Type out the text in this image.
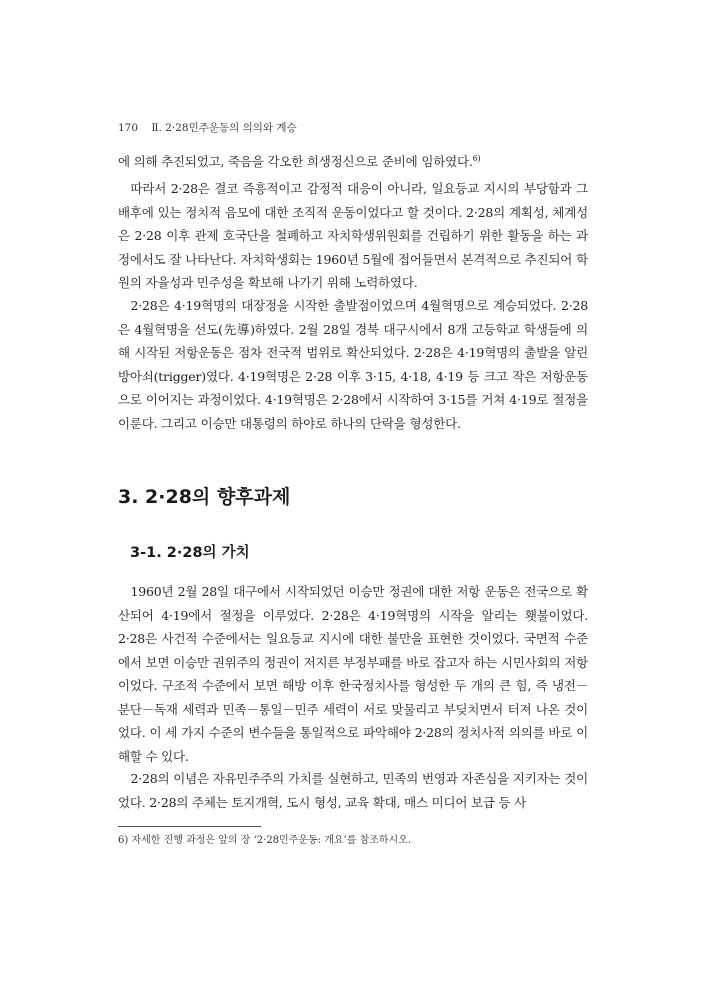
170 Ⅱ. 2·28민주운동의 의의와 계승
에 의해 추진되었고, 죽음을 각오한 희생정신으로 준비에 임하였다.$^{6)}$
따라서 2·28은 결코 즉흥적이고 감정적 대응이 아니라, 일요등교 지시의 부당함과 그 배후에 있는 정치적 음모에 대한 조직적 운동이었다고 할 것이다. 2·28의 계획성, 체계성은 2·28 이후 관제 호국단을 철폐하고 자치학생위원회를 건립하기 위한 활동을 하는 과정에서도 잘 나타난다. 자치학생회는 1960년 5월에 접어들면서 본격적으로 추진되어 학원의 자율성과 민주성을 확보해 나가기 위해 노력하였다.
2·28은 4·19혁명의 대장정을 시작한 출발점이었으며 4월혁명으로 계승되었다. 2·28은 4월혁명을 선도(先導)하였다. 2월 28일 경북 대구시에서 8개 고등학교 학생들에 의해 시작된 저항운동은 점차 전국적 범위로 확산되었다. 2·28은 4·19혁명의 출발을 알린 방아쇠(trigger)였다. 4·19혁명은 2·28 이후 3·15, 4·18, 4·19 등 크고 작은 저항운동으로 이어지는 과정이었다. 4·19혁명은 2·28에서 시작하여 3·15를 거쳐 4·19로 절정을 이룬다. 그리고 이승만 대통령의 하야로 하나의 단락을 형성한다.
3. 2·28의 향후과제
3-1. 2·28의 가치
1960년 2월 28일 대구에서 시작되었던 이승만 정권에 대한 저항 운동은 전국으로 확산되어 4·19에서 절정을 이루었다. 2·28은 4·19혁명의 시작을 알리는 횃불이었다. 2·28은 사건적 수준에서는 일요등교 지시에 대한 불만을 표현한 것이었다. 국면적 수준에서 보면 이승만 권위주의 정권이 저지른 부정부패를 바로 잡고자 하는 시민사회의 저항이었다. 구조적 수준에서 보면 해방 이후 한국정치사를 형성한 두 개의 큰 힘, 즉 냉전－분단－독재 세력과 민족－통일－민주 세력이 서로 맞물리고 부딪치면서 터져 나온 것이었다. 이 세 가지 수준의 변수들을 통일적으로 파악해야 2·28의 정치사적 의의를 바로 이해할 수 있다.
2·28의 이념은 자유민주주의 가치를 실현하고, 민족의 번영과 자존심을 지키자는 것이었다. 2·28의 주체는 토지개혁, 도시 형성, 교육 확대, 매스 미디어 보급 등 사
6) 자세한 진행 과정은 앞의 장 ‘2·28민주운동: 개요’를 참조하시오.
